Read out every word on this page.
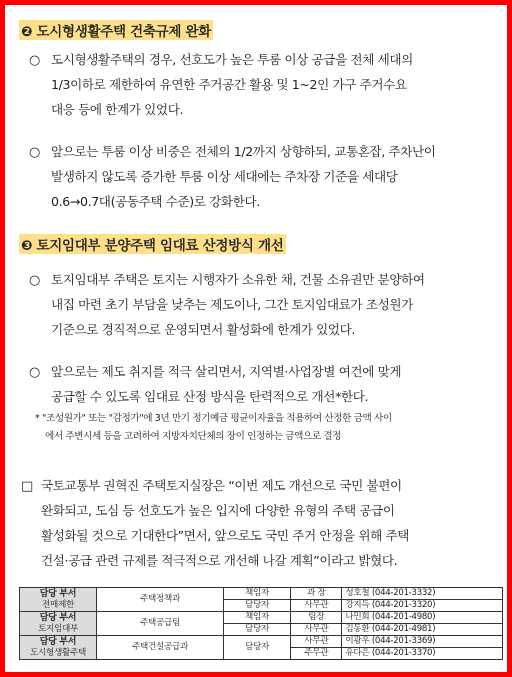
❷ 도시형생활주택 건축규제 완화
○ 도시형생활주택의 경우, 선호도가 높은 투룸 이상 공급을 전체 세대의
1/3이하로 제한하여 유연한 주거공간 활용 및 1~2인 가구 주거수요
대응 등에 한계가 있었다.
○ 앞으로는 투룸 이상 비중은 전체의 1/2까지 상향하되, 교통혼잡, 주차난이
발생하지 않도록 증가한 투룸 이상 세대에는 주차장 기준을 세대당
0.6→0.7대(공동주택 수준)로 강화한다.
❸ 토지임대부 분양주택 임대료 산정방식 개선
○ 토지임대부 주택은 토지는 시행자가 소유한 채, 건물 소유권만 분양하여
내집 마련 초기 부담을 낮추는 제도이나, 그간 토지임대료가 조성원가
기준으로 경직적으로 운영되면서 활성화에 한계가 있었다.
○ 앞으로는 제도 취지를 적극 살리면서, 지역별·사업장별 여건에 맞게
공급할 수 있도록 임대료 산정 방식을 탄력적으로 개선*한다.
* "조성원가" 또는 "감정가"에 3년 만기 정기예금 평균이자율을 적용하여 산정한 금액 사이
에서 주변시세 등을 고려하여 지방자치단체의 장이 인정하는 금액으로 결정
□ 국토교통부 권혁진 주택토지실장은 “이번 제도 개선으로 국민 불편이
완화되고, 도심 등 선호도가 높은 입지에 다양한 유형의 주택 공급이
활성화될 것으로 기대한다”면서, 앞으로도 국민 주거 안정을 위해 주택
건설·공급 관련 규제를 적극적으로 개선해 나갈 계획”이라고 밝혔다.
담당 부서
전매제한	주택정책과	책임자	과 장	성호철 (044-201-3332)
		담당자	사무관	강지득 (044-201-3320)

담당 부서
토지임대부	주택공급팀	책임자	팀장	나민희 (044-201-4980)
		담당자	사무관	김동환 (044-201-4981)

담당 부서
도시형생활주택	주택건설공급과	담당자	사무관	이광우 (044-201-3369)
			주무관	유다은 (044-201-3370)
